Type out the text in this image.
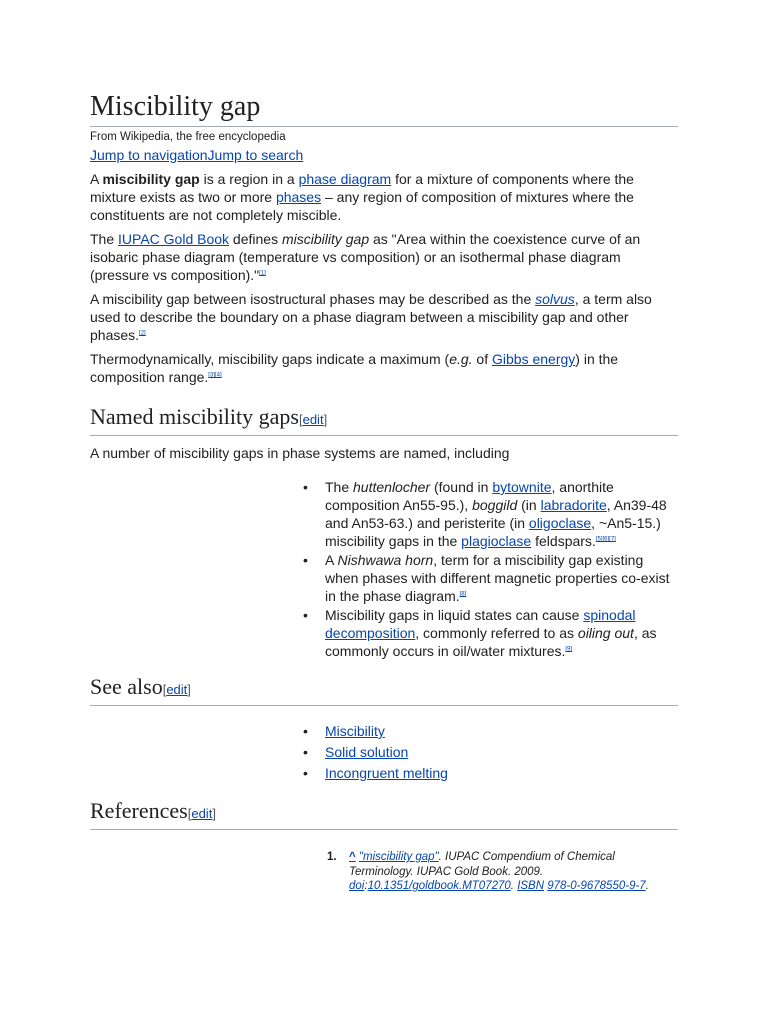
Miscibility gap
From Wikipedia, the free encyclopedia
Jump to navigationJump to search

A miscibility gap is a region in a phase diagram for a mixture of components where the mixture exists as two or more phases – any region of composition of mixtures where the constituents are not completely miscible.

The IUPAC Gold Book defines miscibility gap as "Area within the coexistence curve of an isobaric phase diagram (temperature vs composition) or an isothermal phase diagram (pressure vs composition)."[1]

A miscibility gap between isostructural phases may be described as the solvus, a term also used to describe the boundary on a phase diagram between a miscibility gap and other phases.[2]

Thermodynamically, miscibility gaps indicate a maximum (e.g. of Gibbs energy) in the composition range.[3][4]

Named miscibility gaps[edit]

A number of miscibility gaps in phase systems are named, including

• The huttenlocher (found in bytownite, anorthite composition An55-95.), boggild (in labradorite, An39-48 and An53-63.) and peristerite (in oligoclase, ~An5-15.) miscibility gaps in the plagioclase feldspars.[5][6][7]
• A Nishwawa horn, term for a miscibility gap existing when phases with different magnetic properties co-exist in the phase diagram.[8]
• Miscibility gaps in liquid states can cause spinodal decomposition, commonly referred to as oiling out, as commonly occurs in oil/water mixtures.[9]
See also[edit]
• Miscibility
• Solid solution
• Incongruent melting
References[edit]
1. ^ "miscibility gap". IUPAC Compendium of Chemical Terminology. IUPAC Gold Book. 2009. doi:10.1351/goldbook.MT07270. ISBN 978-0-9678550-9-7.
